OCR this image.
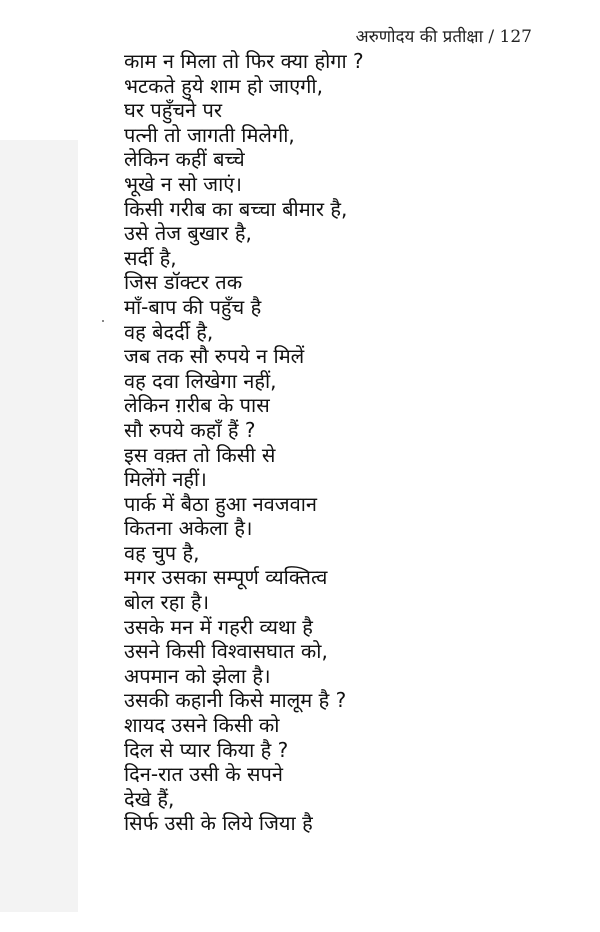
अरुणोदय की प्रतीक्षा / 127
काम न मिला तो फिर क्या होगा ?
भटकते हुये शाम हो जाएगी,
घर पहुँचने पर
पत्नी तो जागती मिलेगी,
लेकिन कहीं बच्चे
भूखे न सो जाएं।
किसी गरीब का बच्चा बीमार है,
उसे तेज बुखार है,
सर्दी है,
जिस डॉक्टर तक
माँ-बाप की पहुँच है
वह बेदर्दी है,
जब तक सौ रुपये न मिलें
वह दवा लिखेगा नहीं,
लेकिन ग़रीब के पास
सौ रुपये कहाँ हैं ?
इस वक़्त तो किसी से
मिलेंगे नहीं।
पार्क में बैठा हुआ नवजवान
कितना अकेला है।
वह चुप है,
मगर उसका सम्पूर्ण व्यक्तित्व
बोल रहा है।
उसके मन में गहरी व्यथा है
उसने किसी विश्वासघात को,
अपमान को झेला है।
उसकी कहानी किसे मालूम है ?
शायद उसने किसी को
दिल से प्यार किया है ?
दिन-रात उसी के सपने
देखे हैं,
सिर्फ उसी के लिये जिया है
